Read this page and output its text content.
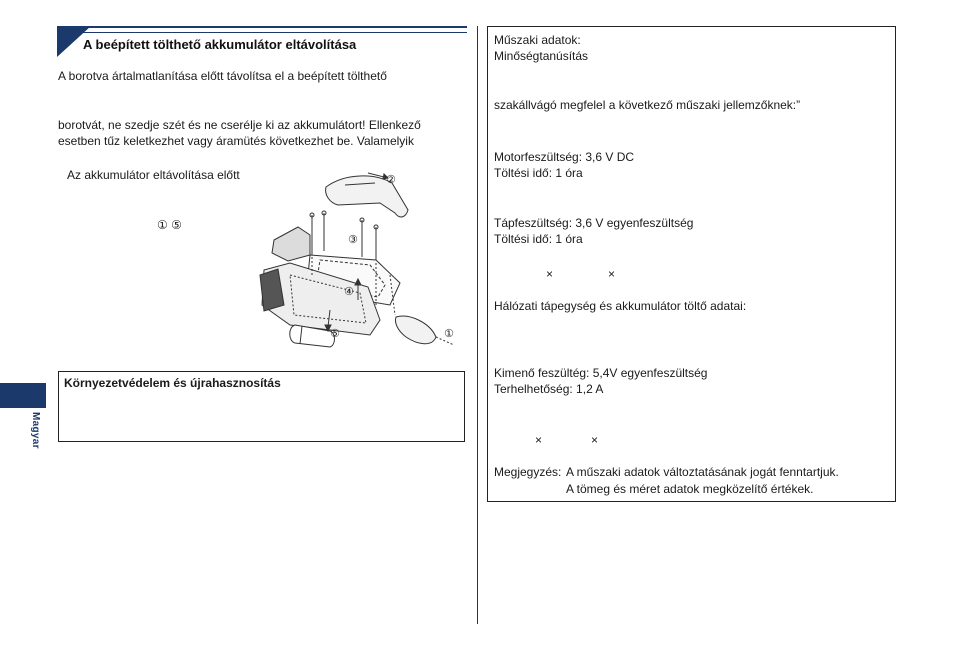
Magyar
A beépített tölthető akkumulátor eltávolítása
A borotva ártalmatlanítása előtt távolítsa el a beépített tölthető
borotvát, ne szedje szét és ne cserélje ki az akkumulátort! Ellenkező
esetben tűz keletkezhet vagy áramütés következhet be. Valamelyik
Az akkumulátor eltávolítása előtt
① ⑤
②
③
④
⑤	①
Környezetvédelem és újrahasznosítás
Műszaki adatok:
Minőségtanúsítás
szakállvágó megfelel a következő műszaki jellemzőknek:”
Motorfeszültség: 3,6 V DC
Töltési idő: 1 óra
Tápfeszültség: 3,6 V egyenfeszültség
Töltési idő: 1 óra
×	×
Hálózati tápegység és akkumulátor töltő adatai:
Kimenő feszültég: 5,4V egyenfeszültség
Terhelhetőség: 1,2 A
×	×
Megjegyzés: A műszaki adatok változtatásának jogát fenntartjuk.
A tömeg és méret adatok megközelítő értékek.
